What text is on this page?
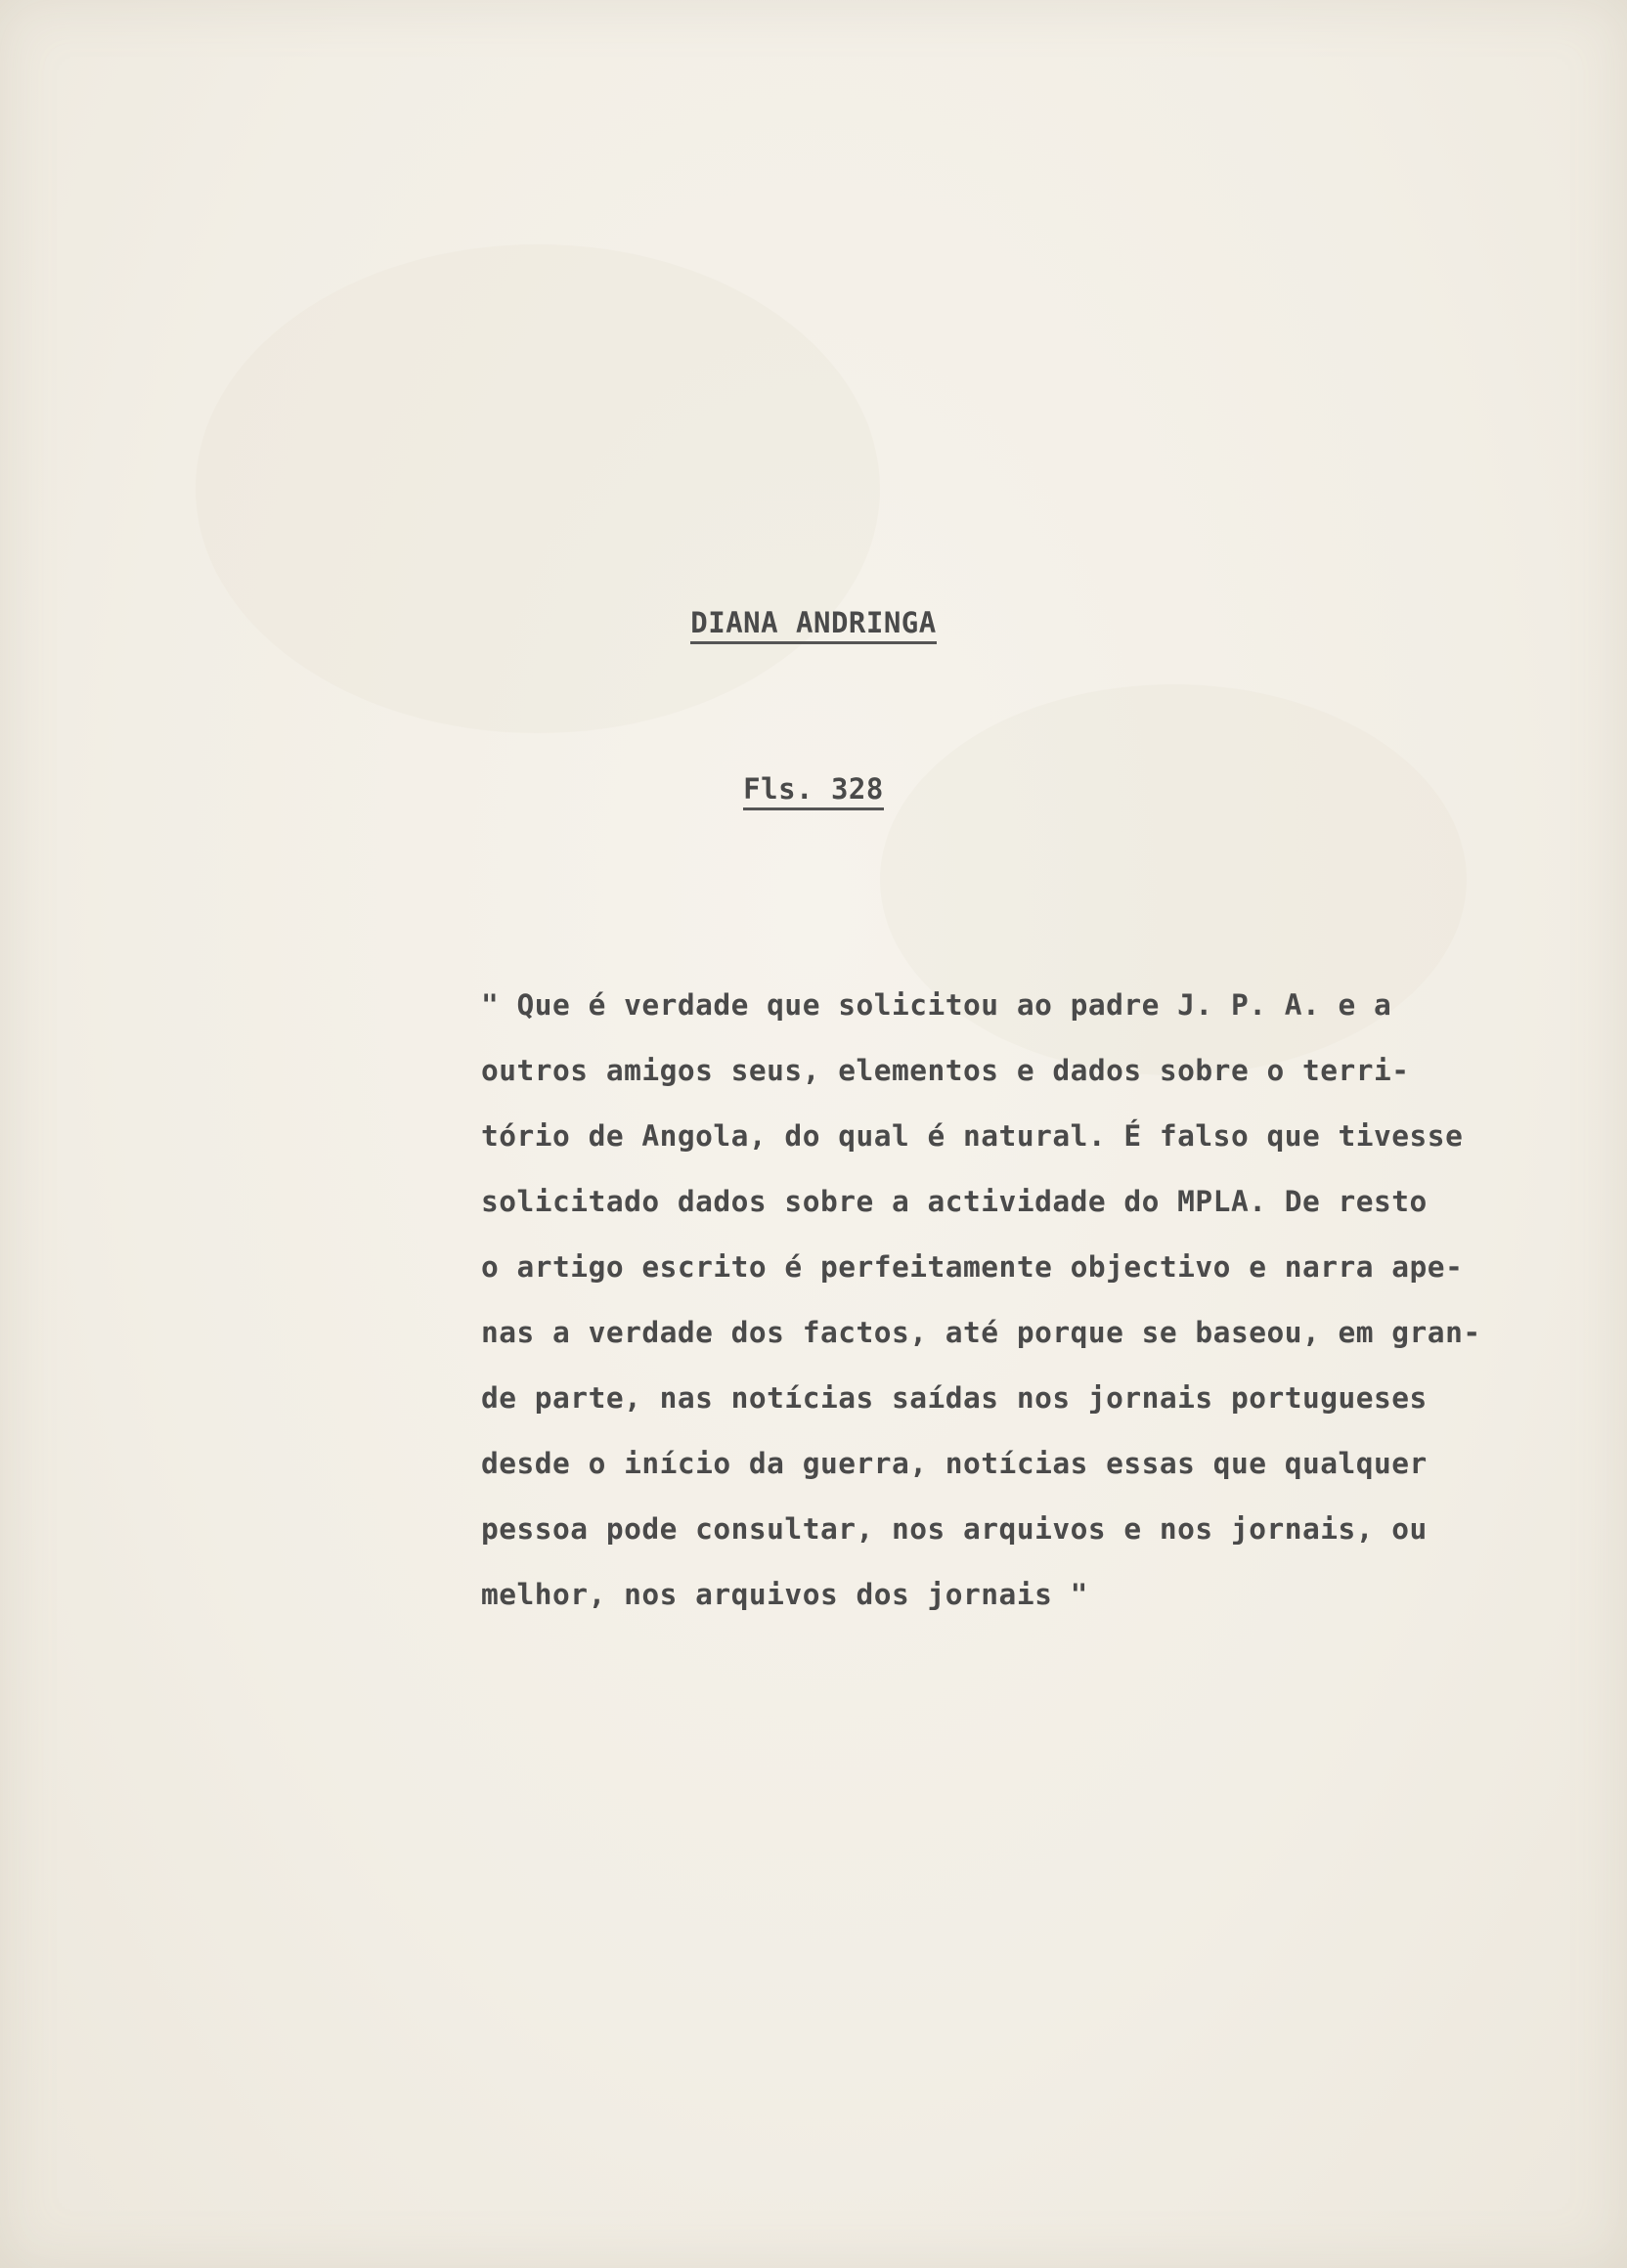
DIANA ANDRINGA
Fls. 328
" Que é verdade que solicitou ao padre J. P. A. e a
outros amigos seus, elementos e dados sobre o terri-
tório de Angola, do qual é natural. É falso que tivesse
solicitado dados sobre a actividade do MPLA. De resto
o artigo escrito é perfeitamente objectivo e narra ape-
nas a verdade dos factos, até porque se baseou, em gran-
de parte, nas notícias saídas nos jornais portugueses
desde o início da guerra, notícias essas que qualquer
pessoa pode consultar, nos arquivos e nos jornais, ou
melhor, nos arquivos dos jornais "
